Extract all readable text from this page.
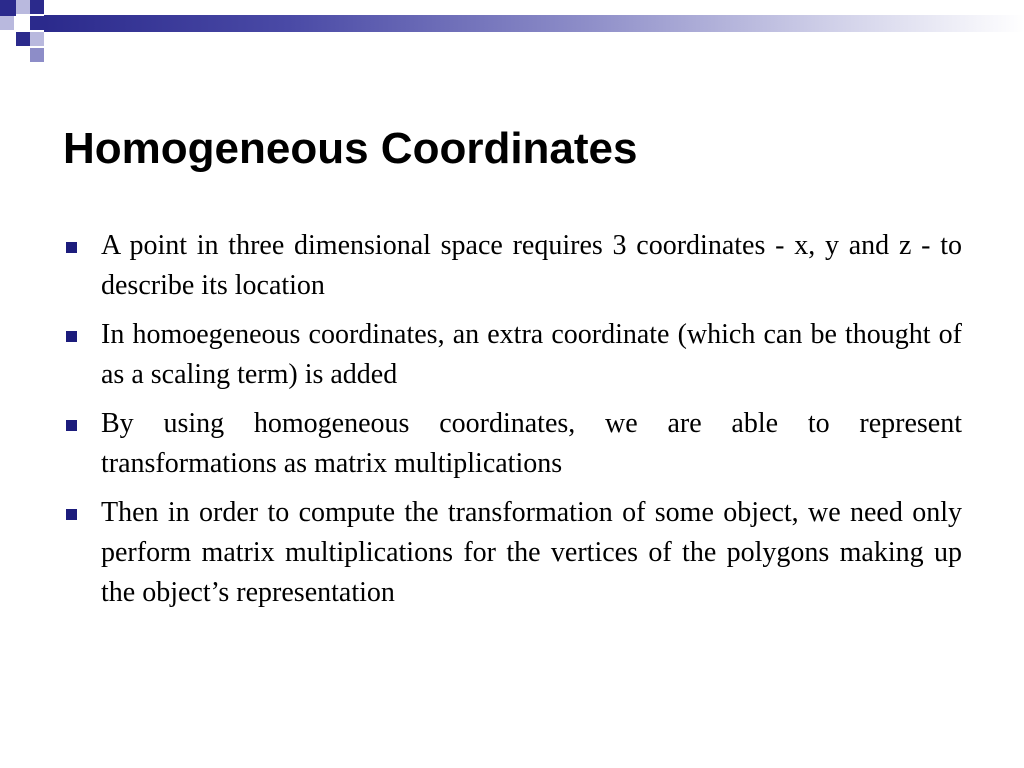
Homogeneous Coordinates
A point in three dimensional space requires 3 coordinates - x, y and z - to describe its location
In homoegeneous coordinates, an extra coordinate (which can be thought of as a scaling term) is added
By using homogeneous coordinates, we are able to represent transformations as matrix multiplications
Then in order to compute the transformation of some object, we need only perform matrix multiplications for the vertices of the polygons making up the object’s representation
